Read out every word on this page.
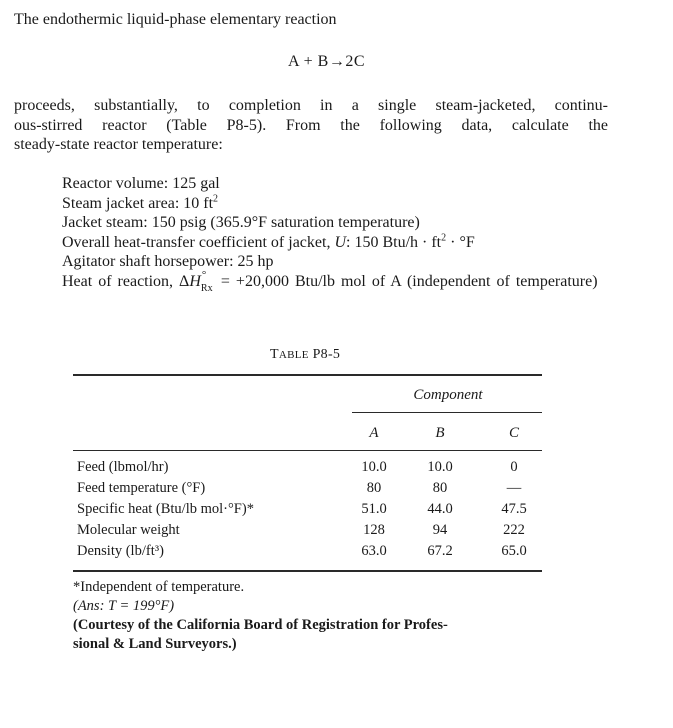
The endothermic liquid-phase elementary reaction
A + B→2C
proceeds, substantially, to completion in a single steam-jacketed, continu-
ous-stirred reactor (Table P8-5). From the following data, calculate the
steady-state reactor temperature:
Reactor volume: 125 gal
Steam jacket area: 10 $ft^2$
Jacket steam: 150 psig (365.9°F saturation temperature)
Overall heat-transfer coefficient of jacket, U: 150 $Btu/h \cdot ft^2 \cdot ^\circ F$
Agitator shaft horsepower: 25 hp
Heat of reaction, ΔH °
Rx = +20,000 Btu/lb mol of A (independent of temperature)
TABLE P8-5
Component
A	B	C
Feed (lbmol/hr)	10.0	10.0	0
Feed temperature (°F)	80	80	—
Specific heat (Btu/lb mol·°F)*	51.0	44.0	47.5
Molecular weight	128	94	222
Density (lb/ft³)	63.0	67.2	65.0
*Independent of temperature.
(Ans: T = 199°F)
(Courtesy of the California Board of Registration for Profes-
sional & Land Surveyors.)
